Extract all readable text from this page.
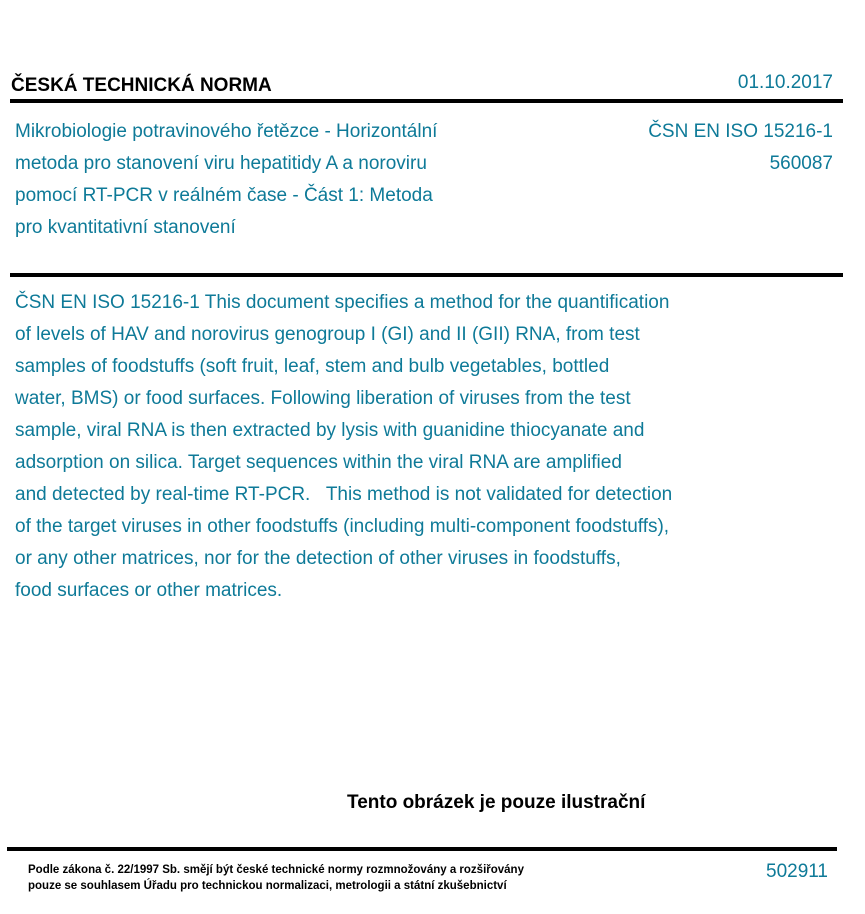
ČESKÁ TECHNICKÁ NORMA	01.10.2017
Mikrobiologie potravinového řetězce - Horizontální
metoda pro stanovení viru hepatitidy A a noroviru
pomocí RT-PCR v reálném čase - Část 1: Metoda
pro kvantitativní stanovení
ČSN EN ISO 15216-1
560087
ČSN EN ISO 15216-1 This document specifies a method for the quantification
of levels of HAV and norovirus genogroup I (GI) and II (GII) RNA, from test
samples of foodstuffs (soft fruit, leaf, stem and bulb vegetables, bottled
water, BMS) or food surfaces. Following liberation of viruses from the test
sample, viral RNA is then extracted by lysis with guanidine thiocyanate and
adsorption on silica. Target sequences within the viral RNA are amplified
and detected by real-time RT-PCR.   This method is not validated for detection
of the target viruses in other foodstuffs (including multi-component foodstuffs),
or any other matrices, nor for the detection of other viruses in foodstuffs,
food surfaces or other matrices.
Tento obrázek je pouze ilustrační
Podle zákona č. 22/1997 Sb. smějí být české technické normy rozmnožovány a rozšiřovány
pouze se souhlasem Úřadu pro technickou normalizaci, metrologii a státní zkušebnictví
502911
